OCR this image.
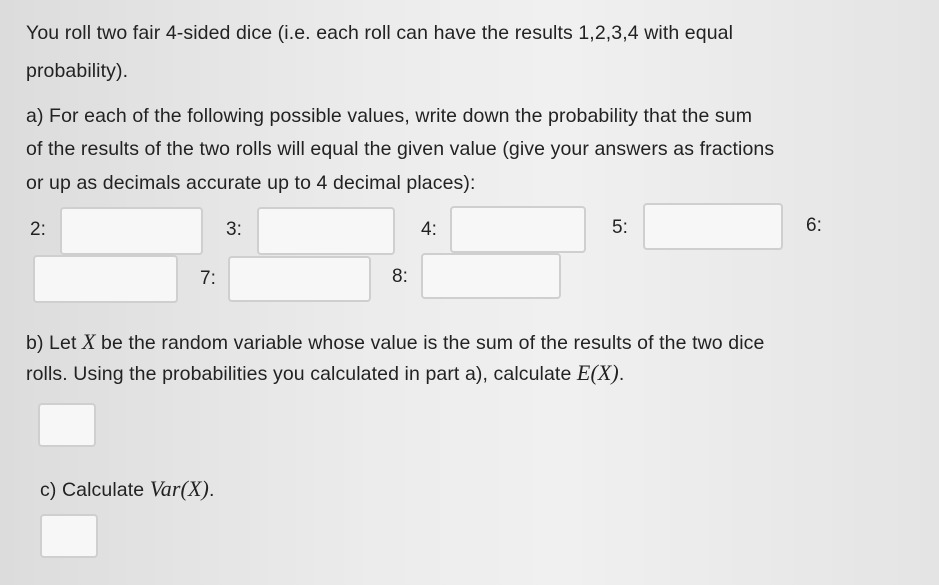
You roll two fair 4-sided dice (i.e. each roll can have the results 1,2,3,4 with equal
probability).
a) For each of the following possible values, write down the probability that the sum
of the results of the two rolls will equal the given value (give your answers as fractions
or up as decimals accurate up to 4 decimal places):
2:	3:	4:	5:	6:
7:	8:
b) Let X be the random variable whose value is the sum of the results of the two dice
rolls. Using the probabilities you calculated in part a), calculate E(X).
c) Calculate Var(X).
